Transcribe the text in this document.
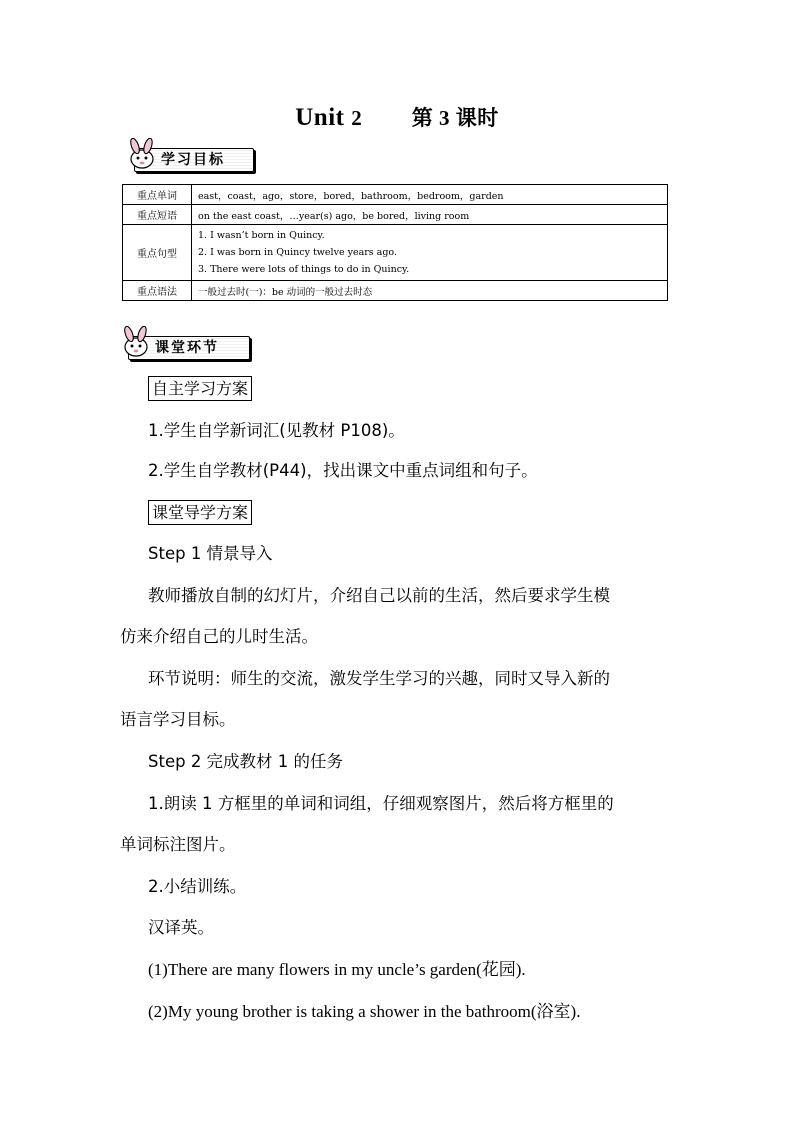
Unit 2 第 3 课时
学习目标
重点单词	east，coast，ago，store，bored，bathroom，bedroom，garden
重点短语	on the east coast，…year(s) ago，be bored，living room
重点句型	1. I wasn’t born in Quincy.
2. I was born in Quincy twelve years ago.
3. There were lots of things to do in Quincy.

重点语法	一般过去时(一)：be 动词的一般过去时态
课堂环节
自主学习方案
1.学生自学新词汇(见教材 P108)。
2.学生自学教材(P44)，找出课文中重点词组和句子。
课堂导学方案
Step 1 情景导入
教师播放自制的幻灯片，介绍自己以前的生活，然后要求学生模
仿来介绍自己的儿时生活。
环节说明：师生的交流，激发学生学习的兴趣，同时又导入新的
语言学习目标。
Step 2 完成教材 1 的任务
1.朗读 1 方框里的单词和词组，仔细观察图片，然后将方框里的
单词标注图片。
2.小结训练。
汉译英。
(1)There are many flowers in my uncle’s garden(花园).
(2)My young brother is taking a shower in the bathroom(浴室).
